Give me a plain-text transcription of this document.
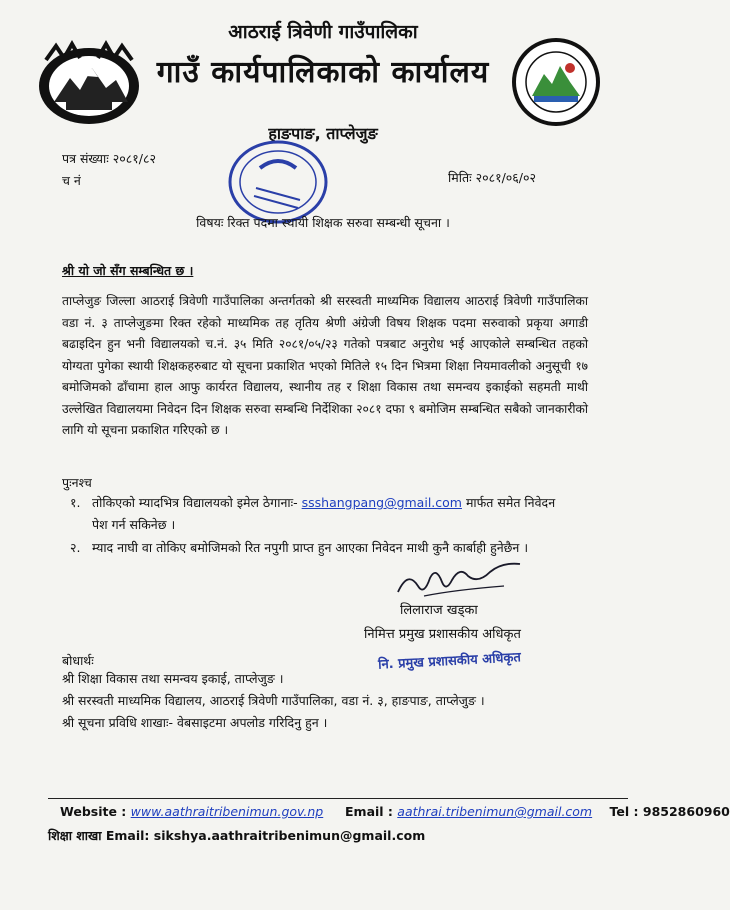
आठराई त्रिवेणी गाउँपालिका
गाउँ कार्यपालिकाको कार्यालय
हाङपाङ, ताप्लेजुङ
पत्र संख्याः २०८१/८२
च नं	मितिः २०८१/०६/०२
विषयः रिक्त पदमा स्थायी शिक्षक सरुवा सम्बन्धी सूचना ।
श्री यो जो सँग सम्बन्धित छ ।

ताप्लेजुङ जिल्ला आठराई त्रिवेणी गाउँपालिका अन्तर्गतको श्री सरस्वती माध्यमिक विद्यालय आठराई त्रिवेणी गाउँपालिका वडा नं. ३ ताप्लेजुङमा रिक्त रहेको माध्यमिक तह तृतिय श्रेणी अंग्रेजी विषय शिक्षक पदमा सरुवाको प्रकृया अगाडी बढाइदिन हुन भनी विद्यालयको च.नं. ३५ मिति २०८१/०५/२३ गतेको पत्रबाट अनुरोध भई आएकोले सम्बन्धित तहको योग्यता पुगेका स्थायी शिक्षकहरुबाट यो सूचना प्रकाशित भएको मितिले १५ दिन भित्रमा शिक्षा नियमावलीको अनुसूची १७ बमोजिमको ढाँचामा हाल आफु कार्यरत विद्यालय, स्थानीय तह र शिक्षा विकास तथा समन्वय इकाईको सहमती माथी उल्लेखित विद्यालयमा निवेदन दिन शिक्षक सरुवा सम्बन्धि निर्देशिका २०८१ दफा ९ बमोजिम सम्बन्धित सबैको जानकारीको लागि यो सूचना प्रकाशित गरिएको छ ।

पुःनश्च
१. तोकिएको म्यादभित्र विद्यालयको इमेल ठेगानाः- ssshangpang@gmail.com मार्फत समेत निवेदन
पेश गर्न सकिनेछ ।
२. म्याद नाघी वा तोकिए बमोजिमको रित नपुगी प्राप्त हुन आएका निवेदन माथी कुनै कार्बाही हुनेछैन ।
लिलाराज खड्का
निमित्त प्रमुख प्रशासकीय अधिकृत
नि. प्रमुख प्रशासकीय अधिकृत
बोधार्थः
श्री शिक्षा विकास तथा समन्वय इकाई, ताप्लेजुङ ।
श्री सरस्वती माध्यमिक विद्यालय, आठराई त्रिवेणी गाउँपालिका, वडा नं. ३, हाङपाङ, ताप्लेजुङ ।
श्री सूचना प्रविधि शाखाः- वेबसाइटमा अपलोड गरिदिनु हुन ।
Website : www.aathraitribenimun.gov.np Email : aathrai.tribenimun@gmail.com Tel : 9852860960
शिक्षा शाखा Email: sikshya.aathraitribenimun@gmail.com
